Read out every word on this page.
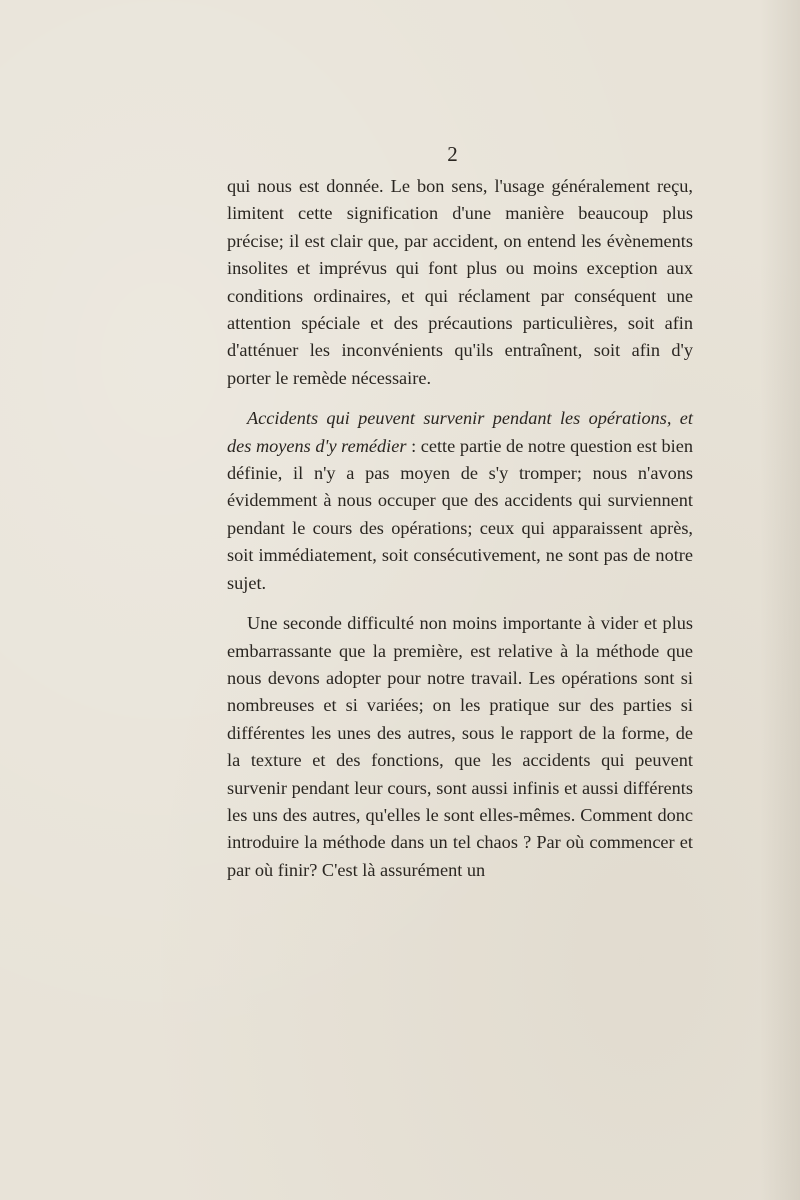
2

qui nous est donnée. Le bon sens, l'usage généralement reçu, limitent cette signification d'une manière beaucoup plus précise; il est clair que, par accident, on entend les évènements insolites et imprévus qui font plus ou moins exception aux conditions ordinaires, et qui réclament par conséquent une attention spéciale et des précautions particulières, soit afin d'atténuer les inconvénients qu'ils entraînent, soit afin d'y porter le remède nécessaire.

Accidents qui peuvent survenir pendant les opérations, et des moyens d'y remédier : cette partie de notre question est bien définie, il n'y a pas moyen de s'y tromper; nous n'avons évidemment à nous occuper que des accidents qui surviennent pendant le cours des opérations; ceux qui apparaissent après, soit immédiatement, soit consécutivement, ne sont pas de notre sujet.

Une seconde difficulté non moins importante à vider et plus embarrassante que la première, est relative à la méthode que nous devons adopter pour notre travail. Les opérations sont si nombreuses et si variées; on les pratique sur des parties si différentes les unes des autres, sous le rapport de la forme, de la texture et des fonctions, que les accidents qui peuvent survenir pendant leur cours, sont aussi infinis et aussi différents les uns des autres, qu'elles le sont elles-mêmes. Comment donc introduire la méthode dans un tel chaos ? Par où commencer et par où finir? C'est là assurément un
